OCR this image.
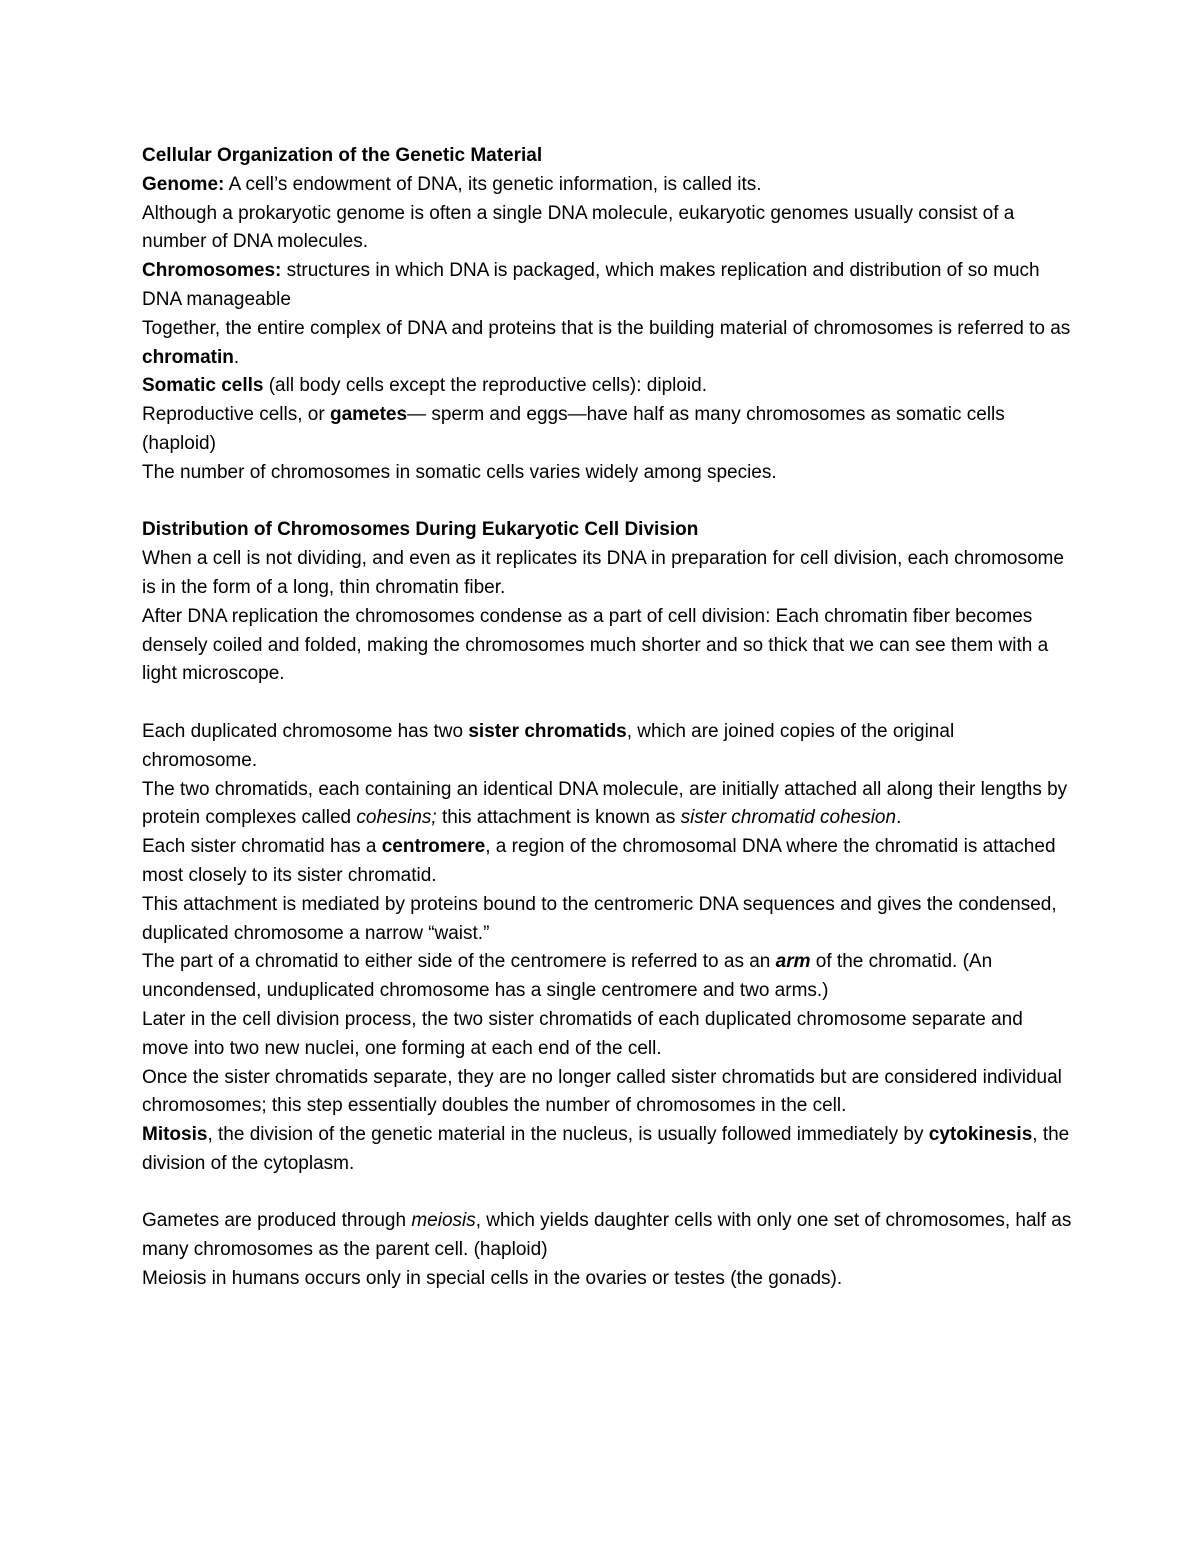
Cellular Organization of the Genetic Material

Genome: A cell’s endowment of DNA, its genetic information, is called its.

Although a prokaryotic genome is often a single DNA molecule, eukaryotic genomes usually consist of a number of DNA molecules.

Chromosomes: structures in which DNA is packaged, which makes replication and distribution of so much DNA manageable

Together, the entire complex of DNA and proteins that is the building material of chromosomes is referred to as chromatin.

Somatic cells (all body cells except the reproductive cells): diploid.

Reproductive cells, or gametes— sperm and eggs—have half as many chromosomes as somatic cells (haploid)

The number of chromosomes in somatic cells varies widely among species.

Distribution of Chromosomes During Eukaryotic Cell Division

When a cell is not dividing, and even as it replicates its DNA in preparation for cell division, each chromosome is in the form of a long, thin chromatin fiber.

After DNA replication the chromosomes condense as a part of cell division: Each chromatin fiber becomes densely coiled and folded, making the chromosomes much shorter and so thick that we can see them with a light microscope.

Each duplicated chromosome has two sister chromatids, which are joined copies of the original chromosome.

The two chromatids, each containing an identical DNA molecule, are initially attached all along their lengths by protein complexes called cohesins; this attachment is known as sister chromatid cohesion.

Each sister chromatid has a centromere, a region of the chromosomal DNA where the chromatid is attached most closely to its sister chromatid.

This attachment is mediated by proteins bound to the centromeric DNA sequences and gives the condensed, duplicated chromosome a narrow “waist.”

The part of a chromatid to either side of the centromere is referred to as an arm of the chromatid. (An uncondensed, unduplicated chromosome has a single centromere and two arms.)

Later in the cell division process, the two sister chromatids of each duplicated chromosome separate and move into two new nuclei, one forming at each end of the cell.

Once the sister chromatids separate, they are no longer called sister chromatids but are considered individual chromosomes; this step essentially doubles the number of chromosomes in the cell.

Mitosis, the division of the genetic material in the nucleus, is usually followed immediately by cytokinesis, the division of the cytoplasm.

Gametes are produced through meiosis, which yields daughter cells with only one set of chromosomes, half as many chromosomes as the parent cell. (haploid)

Meiosis in humans occurs only in special cells in the ovaries or testes (the gonads).
